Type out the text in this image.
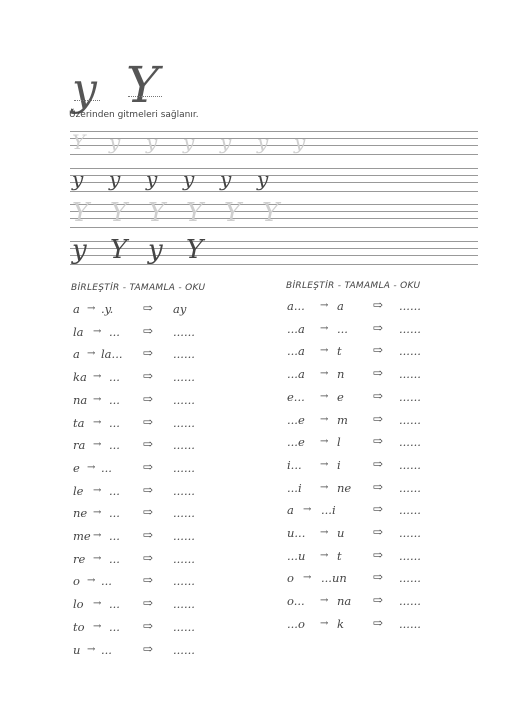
y Y
Üzerinden gitmeleri sağlanır.
Y	y	y	y	y	y	y
y	y	y	y	y	y
Y Y Y Y Y Y
y Y y Y
BİRLEŞTİR - TAMAMLA - OKU	BİRLEŞTİR - TAMAMLA - OKU
a → .y. ⇨ ay
la → ... ⇨ ......
a → la... ⇨ ......
ka → ... ⇨ ......
na → ... ⇨ ......
ta → ... ⇨ ......
ra → ... ⇨ ......
e → ...	⇨ ......
le → ... ⇨ ......
ne → ... ⇨ ......
me → ... ⇨ ......
re → ... ⇨ ......
o → ...	⇨ ......
lo → ... ⇨ ......
to → ... ⇨ ......
u → ...	⇨ ......
a... → a ⇨ ......
...a → ... ⇨ ......
...a → t	⇨ ......
...a → n ⇨ ......
e... → e ⇨ ......
...e → m ⇨ ......
...e → l	⇨ ......
i... → i	⇨ ......
...i → ne ⇨ ......
a → ...i	⇨ ......
u... → u ⇨ ......
...u → t	⇨ ......
o → ...un ⇨ ......
o... → na ⇨ ......
...o → k ⇨ ......
